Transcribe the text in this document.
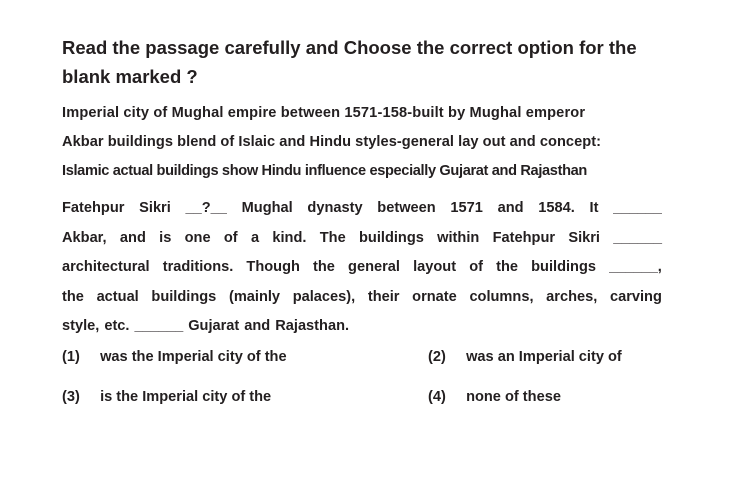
Read the passage carefully and Choose the correct option for the
blank marked ?
Imperial city of Mughal empire between 1571-158-built by Mughal emperor
Akbar buildings blend of Islaic and Hindu styles-general lay out and concept:
Islamic actual buildings show Hindu influence especially Gujarat and Rajasthan
Fatehpur Sikri __?__ Mughal dynasty between 1571 and 1584. It ______
Akbar, and is one of a kind. The buildings within Fatehpur Sikri ______
architectural traditions. Though the general layout of the buildings ______,
the actual buildings (mainly palaces), their ornate columns, arches, carving
style, etc. ______ Gujarat and Rajasthan.
(1) was the Imperial city of the	(2) was an Imperial city of
(3) is the Imperial city of the	(4) none of these
